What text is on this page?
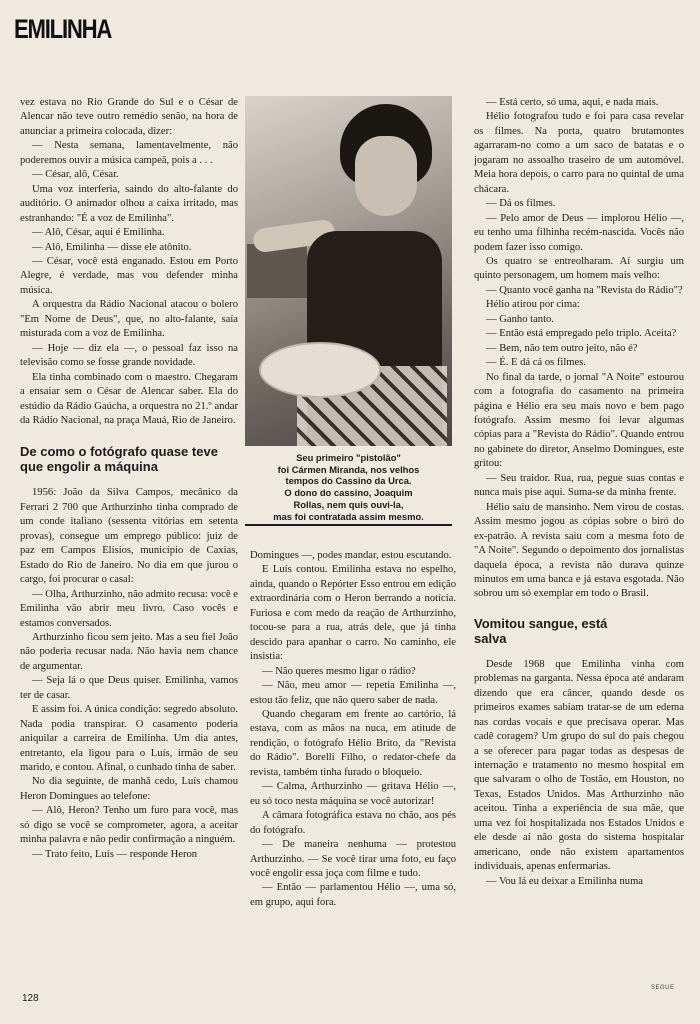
EMILINHA

vez estava no Rio Grande do Sul e o César de Alencar não teve outro remédio senão, na hora de anunciar a primeira colocada, dizer:

— Nesta semana, lamentavelmente, não poderemos ouvir a música campeã, pois a . . .

— César, alô, César.

Uma voz interferia, saindo do alto-falante do auditório. O animador olhou a caixa irritado, mas estranhando: "É a voz de Emilinha".

— Alô, César, aqui é Emilinha.

— Alô, Emilinha — disse ele atônito.

— César, você está enganado. Estou em Porto Alegre, é verdade, mas vou defender minha música.

A orquestra da Rádio Nacional atacou o bolero "Em Nome de Deus", que, no alto-falante, saía misturada com a voz de Emilinha.

— Hoje — diz ela —, o pessoal faz isso na televisão como se fosse grande novidade.

Ela tinha combinado com o maestro. Chegaram a ensaiar sem o César de Alencar saber. Ela do estúdio da Rádio Gaúcha, a orquestra no 21.º andar da Rádio Nacional, na praça Mauá, Rio de Janeiro.

De como o fotógrafo quase teve que engolir a máquina

1956: João da Silva Campos, mecânico da Ferrari 2 700 que Arthurzinho tinha comprado de um conde italiano (sessenta vitórias em setenta provas), consegue um emprego público: juiz de paz em Campos Elísios, município de Caxias, Estado do Rio de Janeiro. No dia em que jurou o cargo, foi procurar o casal:

— Olha, Arthurzinho, não admito recusa: você e Emilinha vão abrir meu livro. Caso vocês e estamos conversados.

Arthurzinho ficou sem jeito. Mas a seu fiel João não poderia recusar nada. Não havia nem chance de argumentar.

— Seja lá o que Deus quiser. Emilinha, vamos ter de casar.

E assim foi. A única condição: segredo absoluto. Nada podia transpirar. O casamento poderia aniquilar a carreira de Emilinha. Um dia antes, entretanto, ela ligou para o Luís, irmão de seu marido, e contou. Afinal, o cunhado tinha de saber.

No dia seguinte, de manhã cedo, Luís chamou Heron Domingues ao telefone:

— Alô, Heron? Tenho um furo para você, mas só digo se você se comprometer, agora, a aceitar minha palavra e não pedir confirmação a ninguém.

— Trato feito, Luís — responde Heron

Seu primeiro "pistolão"
foi Cármen Miranda, nos velhos
tempos do Cassino da Urca.
O dono do cassino, Joaquim
Rollas, nem quis ouvi-la,
mas foi contratada assim mesmo.

Domingues —, podes mandar, estou escutando.

E Luís contou. Emilinha estava no espelho, ainda, quando o Repórter Esso entrou em edição extraordinária com o Heron berrando a notícia. Furiosa e com medo da reação de Arthurzinho, tocou-se para a rua, atrás dele, que já tinha descido para apanhar o carro. No caminho, ele insistia:

— Não queres mesmo ligar o rádio?

— Não, meu amor — repetia Emilinha —, estou tão feliz, que não quero saber de nada.

Quando chegaram em frente ao cartório, lá estava, com as mãos na nuca, em atitude de rendição, o fotógrafo Hélio Brito, da "Revista do Rádio". Borelli Filho, o redator-chefe da revista, também tinha furado o bloqueio.

— Calma, Arthurzinho — gritava Hélio —, eu só toco nesta máquina se você autorizar!

A câmara fotográfica estava no chão, aos pés do fotógrafo.

— De maneira nenhuma — protestou Arthurzinho. — Se você tirar uma foto, eu faço você engolir essa joça com filme e tudo.

— Então — parlamentou Hélio —, uma só, em grupo, aqui fora.

— Está certo, só uma, aqui, e nada mais.

Hélio fotografou tudo e foi para casa revelar os filmes. Na porta, quatro brutamontes agarraram-no como a um saco de batatas e o jogaram no assoalho traseiro de um automóvel. Meia hora depois, o carro para no quintal de uma chácara.

— Dá os filmes.

— Pelo amor de Deus — implorou Hélio —, eu tenho uma filhinha recém-nascida. Vocês não podem fazer isso comigo.

Os quatro se entreolharam. Aí surgiu um quinto personagem, um homem mais velho:

— Quanto você ganha na "Revista do Rádio"?

Hélio atirou por cima:

— Ganho tanto.

— Então está empregado pelo triplo. Aceita?

— Bem, não tem outro jeito, não é?

— É. E dá cá os filmes.

No final da tarde, o jornal "A Noite" estourou com a fotografia do casamento na primeira página e Hélio era seu mais novo e bem pago fotógrafo. Assim mesmo foi levar algumas cópias para a "Revista do Rádio". Quando entrou no gabinete do diretor, Anselmo Domingues, este gritou:

— Seu traidor. Rua, rua, pegue suas contas e nunca mais pise aqui. Suma-se da minha frente.

Hélio saiu de mansinho. Nem virou de costas. Assim mesmo jogou as cópias sobre o biró do ex-patrão. A revista saiu com a mesma foto de "A Noite". Segundo o depoimento dos jornalistas daquela época, a revista não durava quinze minutos em uma banca e já estava esgotada. Não sobrou um só exemplar em todo o Brasil.

Vomitou sangue, está salva

Desde 1968 que Emilinha vinha com problemas na garganta. Nessa época até andaram dizendo que era câncer, quando desde os primeiros exames sabiam tratar-se de um edema nas cordas vocais e que precisava operar. Mas cadê coragem? Um grupo do sul do país chegou a se oferecer para pagar todas as despesas de internação e tratamento no mesmo hospital em que salvaram o olho de Tostão, em Houston, no Texas, Estados Unidos. Mas Arthurzinho não aceitou. Tinha a experiência de sua mãe, que uma vez foi hospitalizada nos Estados Unidos e ele desde aí não gosta do sistema hospitalar americano, onde não existem apartamentos individuais, apenas enfermarias.

— Vou lá eu deixar a Emilinha numa

128
SEGUE
